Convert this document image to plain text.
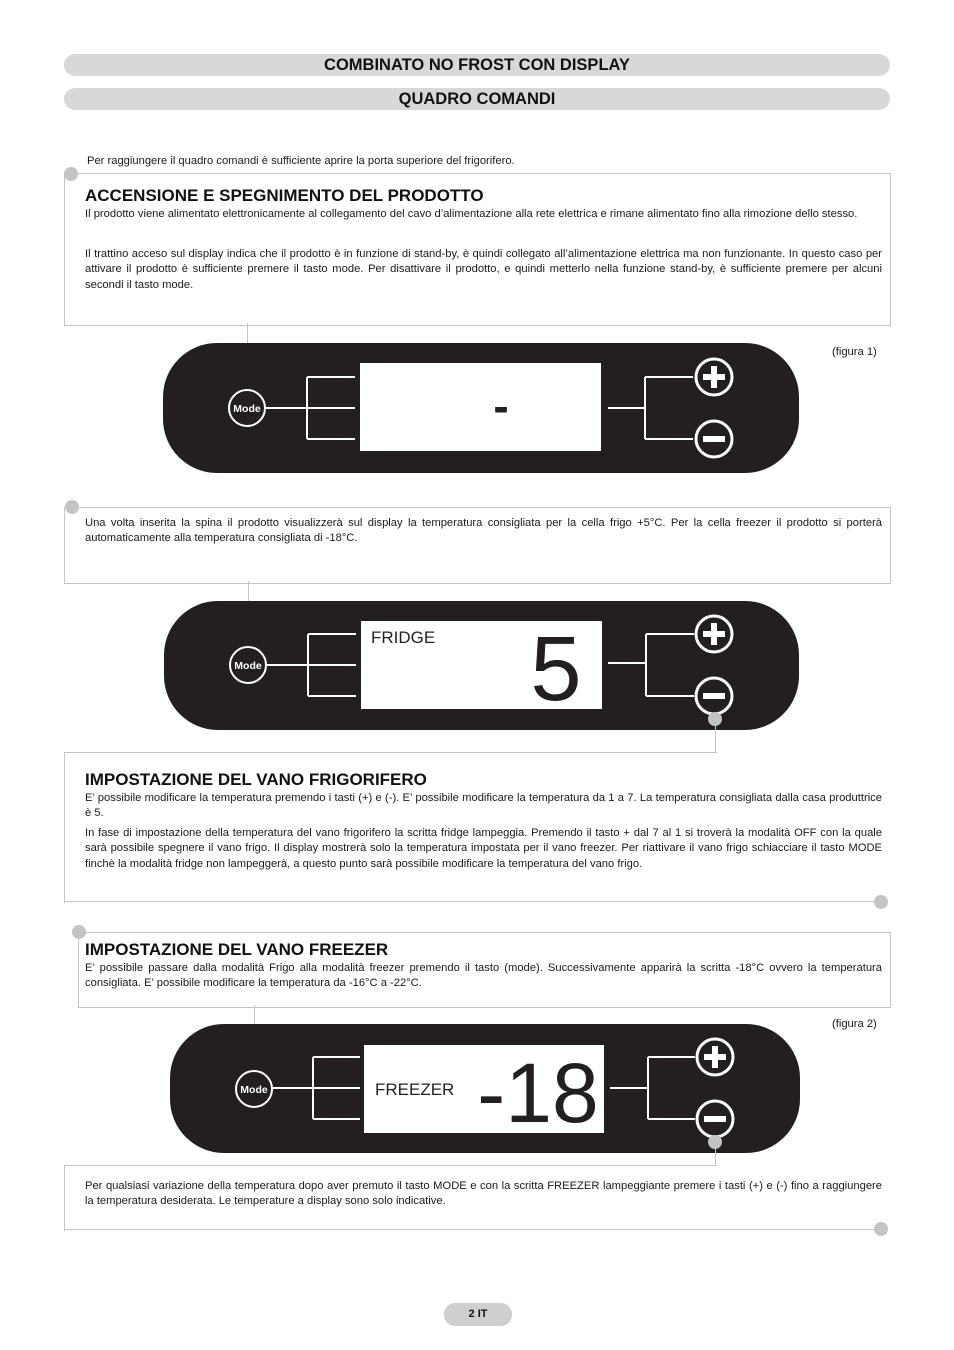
COMBINATO NO FROST CON DISPLAY
QUADRO COMANDI
Per raggiungere il quadro comandi è sufficiente aprire la porta superiore del frigorifero.
ACCENSIONE E SPEGNIMENTO DEL PRODOTTO

Il prodotto viene alimentato elettronicamente al collegamento del cavo d’alimentazione alla rete elettrica e rimane alimentato fino alla rimozione dello stesso.

Il trattino acceso sul display indica che il prodotto è in funzione di stand-by, è quindi collegato all’alimentazione elettrica ma non funzionante. In questo caso per attivare il prodotto è sufficiente premere il tasto mode. Per disattivare il prodotto, e quindi metterlo nella funzione stand-by, è sufficiente premere per alcuni secondi il tasto mode.

(figura 1)
Mode	-

Una volta inserita la spina il prodotto visualizzerà sul display la temperatura consigliata per la cella frigo +5°C. Per la cella freezer il prodotto si porterà automaticamente alla temperatura consigliata di -18°C.

Mode
FRIDGE 5
IMPOSTAZIONE DEL VANO FRIGORIFERO

E’ possibile modificare la temperatura premendo i tasti (+) e (-). E’ possibile modificare la temperatura da 1 a 7. La temperatura consigliata dalla casa produttrice è 5.

In fase di impostazione della temperatura del vano frigorifero la scritta fridge lampeggia. Premendo il tasto + dal 7 al 1 si troverà la modalità OFF con la quale sarà possibile spegnere il vano frigo. Il display mostrerà solo la temperatura impostata per il vano freezer. Per riattivare il vano frigo schiacciare il tasto MODE finchè la modalità fridge non lampeggerà, a questo punto sarà possibile modificare la temperatura del vano frigo.

IMPOSTAZIONE DEL VANO FREEZER

E’ possibile passare dalla modalità Frigo alla modalità freezer premendo il tasto (mode). Successivamente apparirà la scritta -18°C ovvero la temperatura consigliata. E’ possibile modificare la temperatura da -16°C a -22°C.

(figura 2)
Mode	FREEZER -18

Per qualsiasi variazione della temperatura dopo aver premuto il tasto MODE e con la scritta FREEZER lampeggiante premere i tasti (+) e (-) fino a raggiungere la temperatura desiderata. Le temperature a display sono solo indicative.

2 IT
